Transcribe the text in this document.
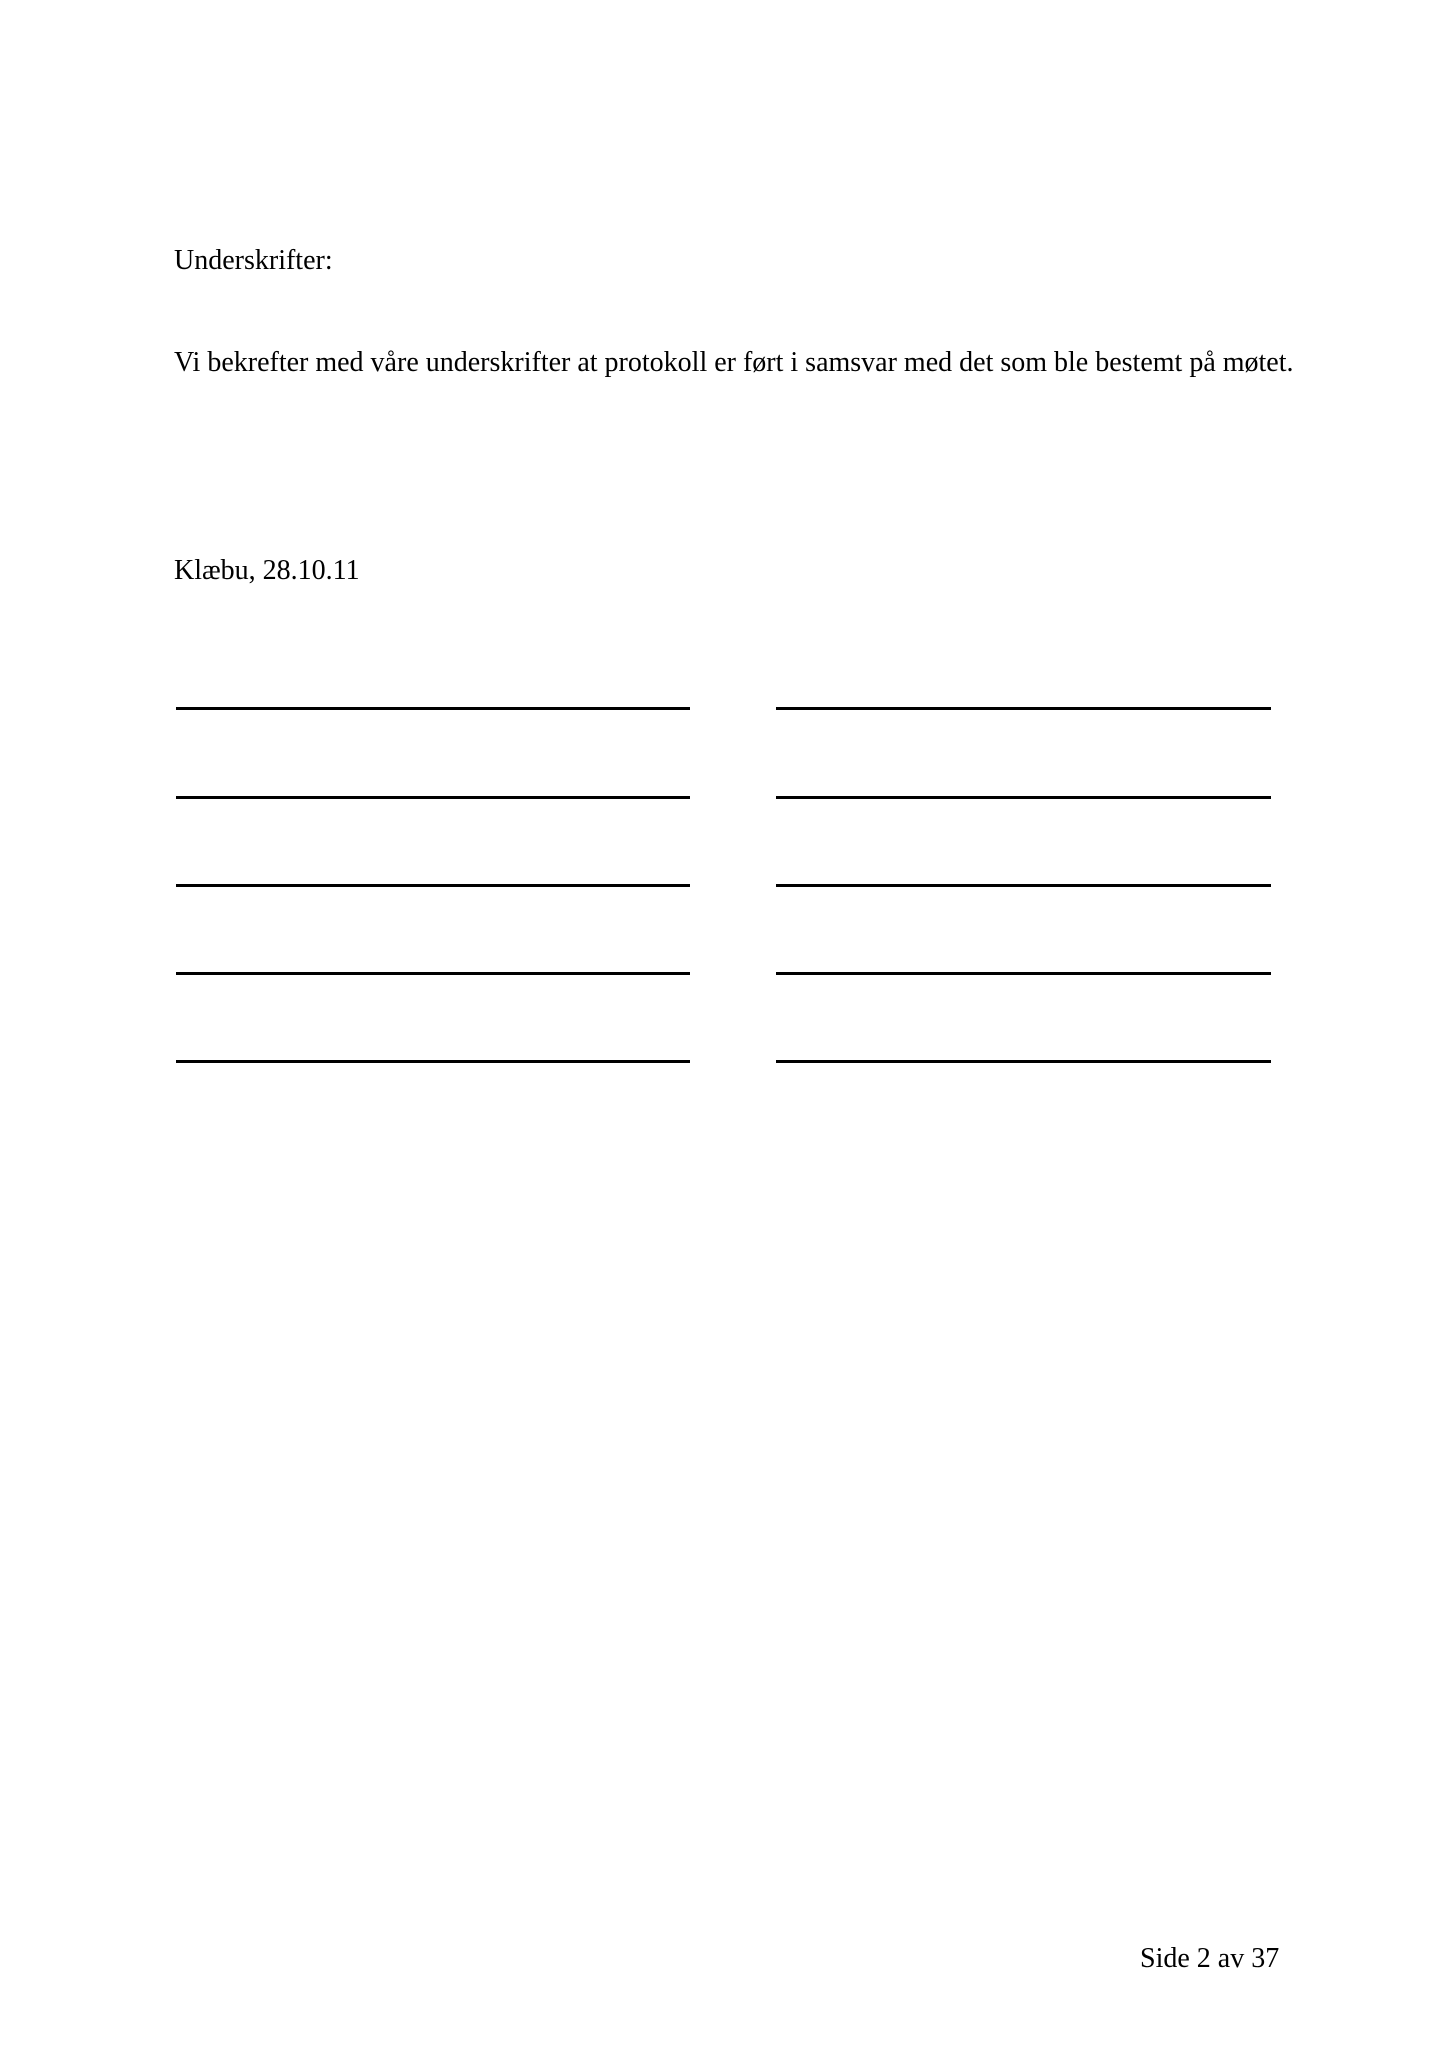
Underskrifter:
Vi bekrefter med våre underskrifter at protokoll er ført i samsvar med det som ble bestemt på møtet.
Klæbu, 28.10.11
Side 2 av 37
